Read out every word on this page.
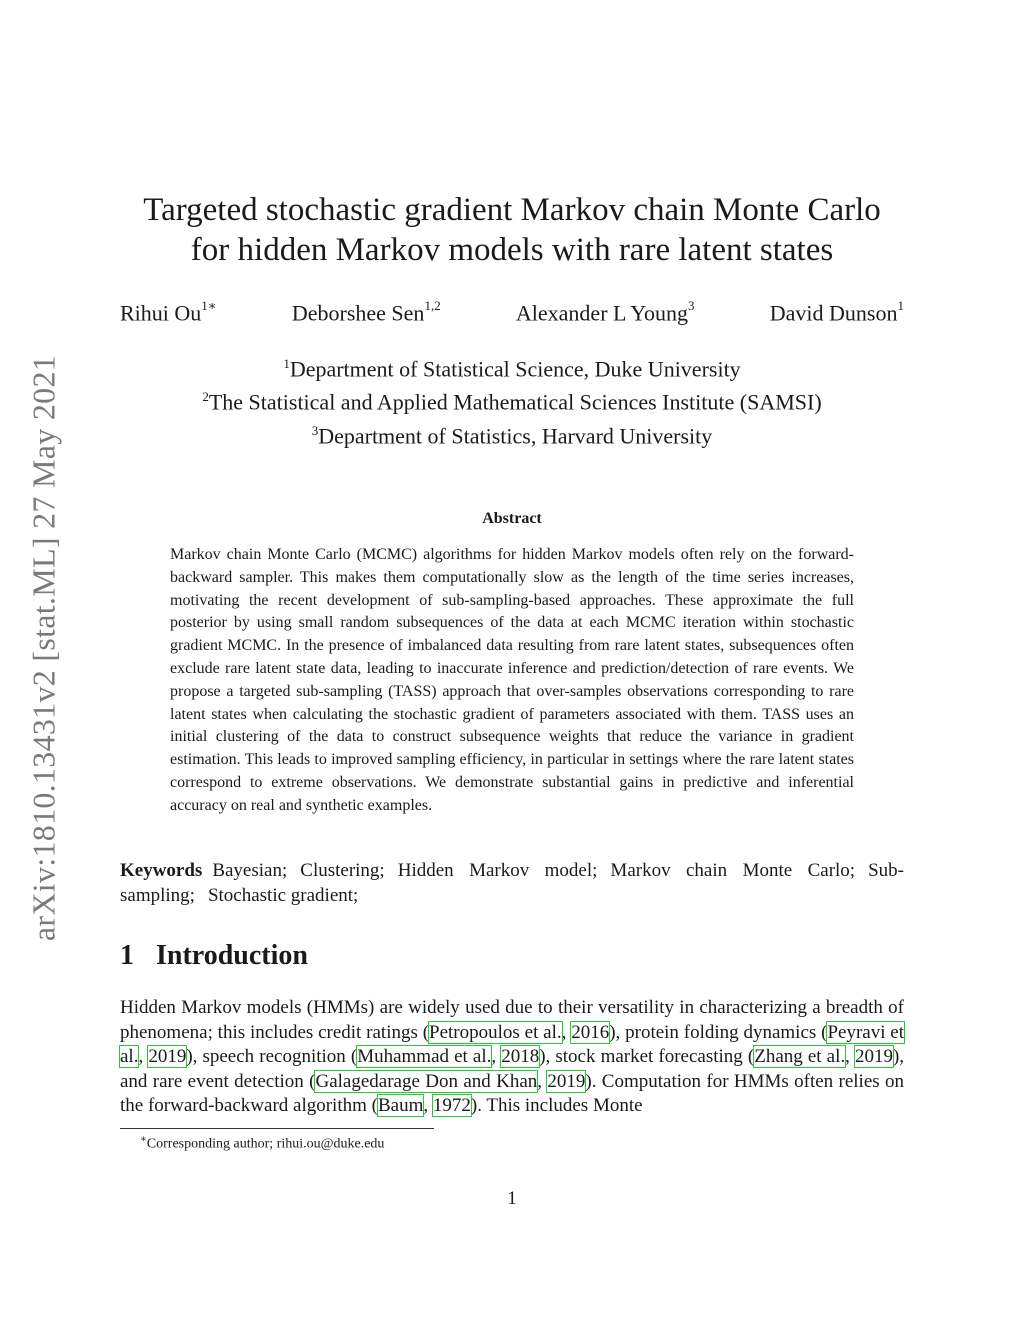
arXiv:1810.13431v2 [stat.ML] 27 May 2021
Targeted stochastic gradient Markov chain Monte Carlo
for hidden Markov models with rare latent states
Rihui $Ou^{1∗}$	Deborshee Sen$^{1,2}$	Alexander L Young$^3$	David Dunson$^1$
$^1$Department of Statistical Science, Duke University
$^2$The Statistical and Applied Mathematical Sciences Institute (SAMSI)
$^3$Department of Statistics, Harvard University
Abstract
Markov chain Monte Carlo (MCMC) algorithms for hidden Markov models often rely on the forward-backward sampler. This makes them computationally slow as the length of the time series increases, motivating the recent development of sub-sampling-based approaches. These approximate the full posterior by using small random subsequences of the data at each MCMC iteration within stochastic gradient MCMC. In the presence of imbalanced data resulting from rare latent states, subsequences often exclude rare latent state data, leading to inaccurate inference and prediction/detection of rare events. We propose a targeted sub-sampling (TASS) approach that over-samples observations corresponding to rare latent states when calculating the stochastic gradient of parameters associated with them. TASS uses an initial clustering of the data to construct subsequence weights that reduce the variance in gradient estimation. This leads to improved sampling efficiency, in particular in settings where the rare latent states correspond to extreme observations. We demonstrate substantial gains in predictive and inferential accuracy on real and synthetic examples.
Keywords Bayesian; Clustering; Hidden Markov model; Markov chain Monte Carlo; Sub-sampling; Stochastic gradient;
1 Introduction

Hidden Markov models (HMMs) are widely used due to their versatility in characterizing a breadth of phenomena; this includes credit ratings (Petropoulos et al., 2016), protein folding dynamics (Peyravi et al., 2019), speech recognition (Muhammad et al., 2018), stock market forecasting (Zhang et al., 2019), and rare event detection (Galagedarage Don and Khan, 2019). Computation for HMMs often relies on the forward-backward algorithm (Baum, 1972). This includes Monte

∗Corresponding author; rihui.ou@duke.edu
1
